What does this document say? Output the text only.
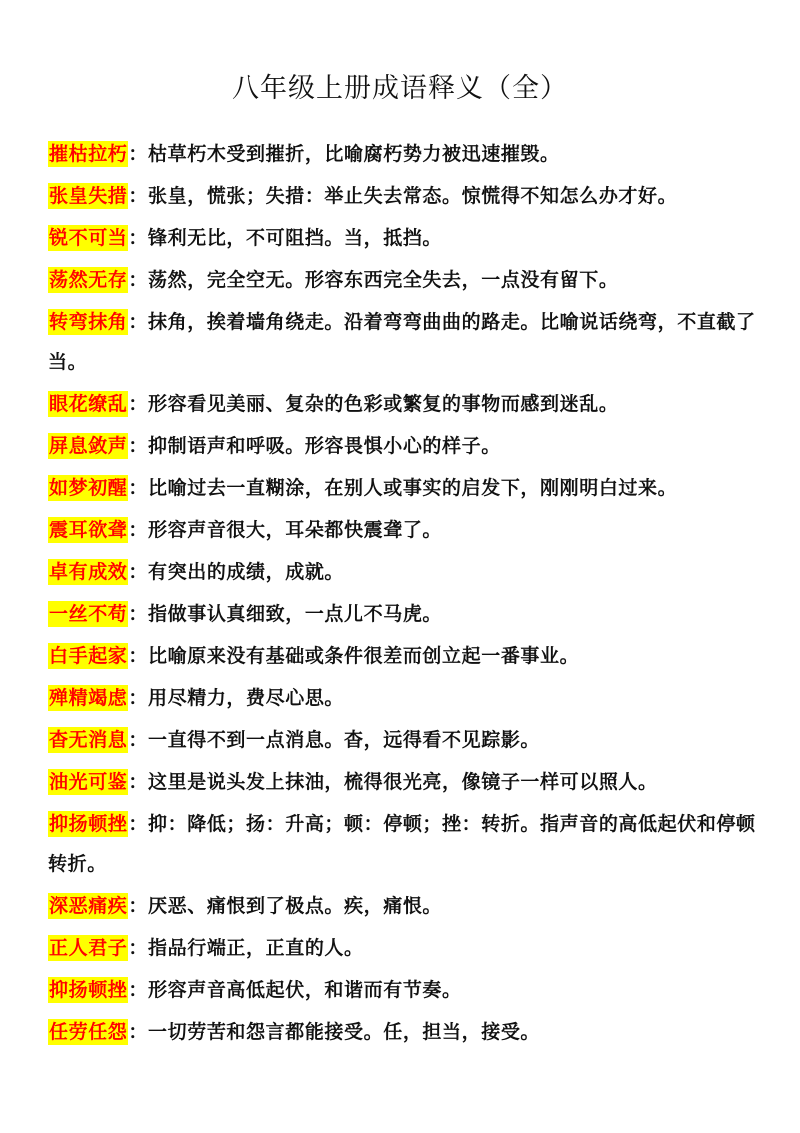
八年级上册成语释义（全）
摧枯拉朽：枯草朽木受到摧折，比喻腐朽势力被迅速摧毁。
张皇失措：张皇，慌张；失措：举止失去常态。惊慌得不知怎么办才好。
锐不可当：锋利无比，不可阻挡。当，抵挡。
荡然无存：荡然，完全空无。形容东西完全失去，一点没有留下。
转弯抹角：抹角，挨着墙角绕走。沿着弯弯曲曲的路走。比喻说话绕弯，不直截了当。
眼花缭乱：形容看见美丽、复杂的色彩或繁复的事物而感到迷乱。
屏息敛声：抑制语声和呼吸。形容畏惧小心的样子。
如梦初醒：比喻过去一直糊涂，在别人或事实的启发下，刚刚明白过来。
震耳欲聋：形容声音很大，耳朵都快震聋了。
卓有成效：有突出的成绩，成就。
一丝不苟：指做事认真细致，一点儿不马虎。
白手起家：比喻原来没有基础或条件很差而创立起一番事业。
殚精竭虑：用尽精力，费尽心思。
杳无消息：一直得不到一点消息。杳，远得看不见踪影。
油光可鉴：这里是说头发上抹油，梳得很光亮，像镜子一样可以照人。
抑扬顿挫：抑：降低；扬：升高；顿：停顿；挫：转折。指声音的高低起伏和停顿转折。
深恶痛疾：厌恶、痛恨到了极点。疾，痛恨。
正人君子：指品行端正，正直的人。
抑扬顿挫：形容声音高低起伏，和谐而有节奏。
任劳任怨：一切劳苦和怨言都能接受。任，担当，接受。
